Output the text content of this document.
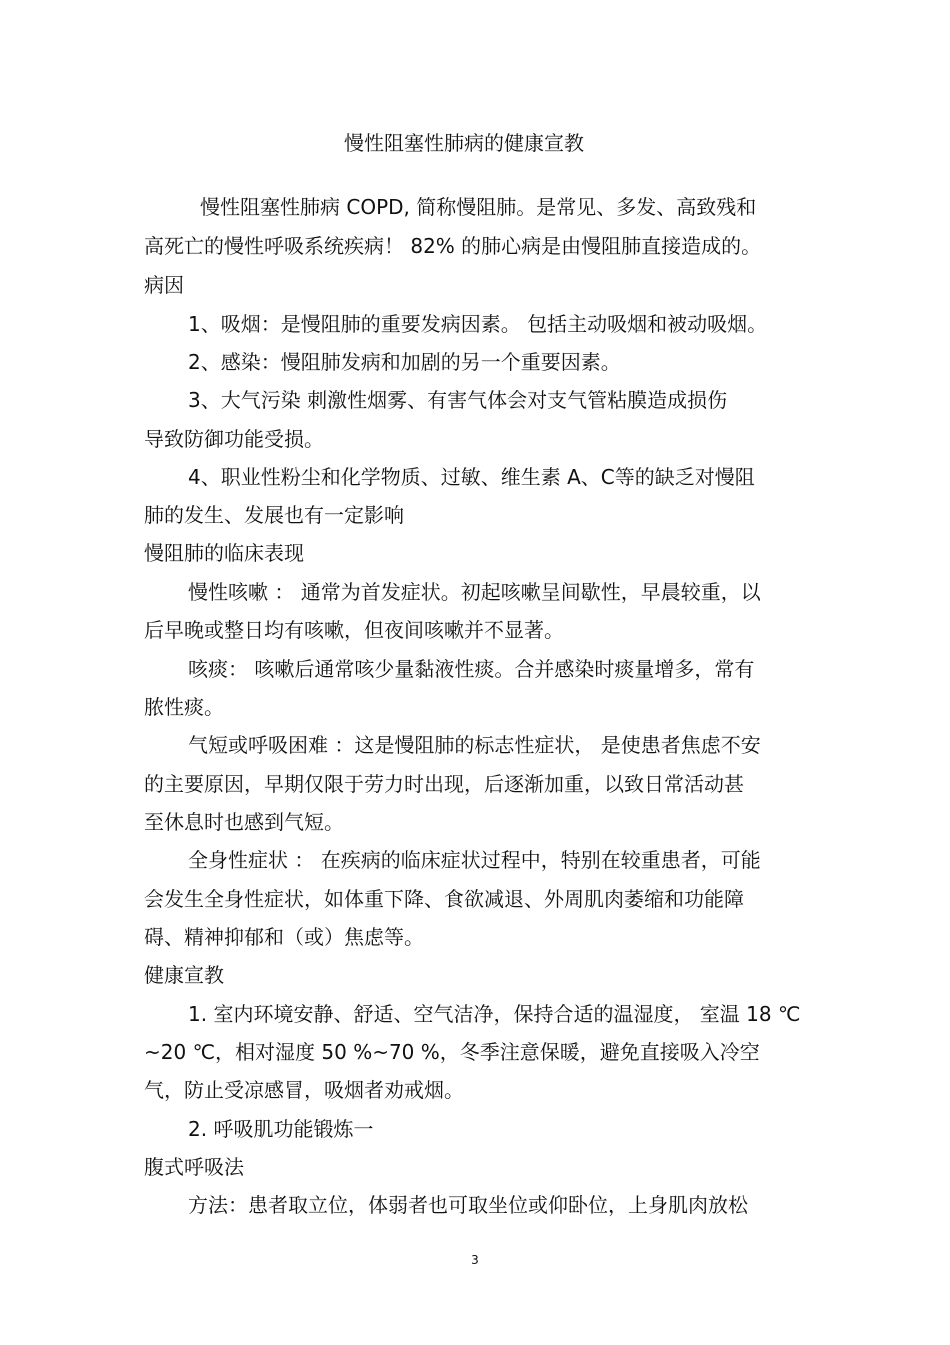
慢性阻塞性肺病的健康宣教
慢性阻塞性肺病 COPD, 简称慢阻肺。是常见、多发、高致残和
高死亡的慢性呼吸系统疾病！ 82% 的肺心病是由慢阻肺直接造成的。
病因
1、吸烟：是慢阻肺的重要发病因素。 包括主动吸烟和被动吸烟。
2、感染：慢阻肺发病和加剧的另一个重要因素。
3、大气污染 刺激性烟雾、有害气体会对支气管粘膜造成损伤
导致防御功能受损。
4、职业性粉尘和化学物质、过敏、维生素 A、C等的缺乏对慢阻
肺的发生、发展也有一定影响
慢阻肺的临床表现
慢性咳嗽 ： 通常为首发症状。初起咳嗽呈间歇性，早晨较重，以
后早晚或整日均有咳嗽，但夜间咳嗽并不显著。
咳痰： 咳嗽后通常咳少量黏液性痰。合并感染时痰量增多，常有
脓性痰。
气短或呼吸困难 ：这是慢阻肺的标志性症状， 是使患者焦虑不安
的主要原因，早期仅限于劳力时出现，后逐渐加重，以致日常活动甚
至休息时也感到气短。
全身性症状 ： 在疾病的临床症状过程中，特别在较重患者，可能
会发生全身性症状，如体重下降、食欲减退、外周肌肉萎缩和功能障
碍、精神抑郁和（或）焦虑等。
健康宣教
1. 室内环境安静、舒适、空气洁净，保持合适的温湿度， 室温 18 ℃
~20 ℃，相对湿度 50 %~70 %，冬季注意保暖，避免直接吸入冷空
气，防止受凉感冒，吸烟者劝戒烟。
2. 呼吸肌功能锻炼一
腹式呼吸法
方法：患者取立位，体弱者也可取坐位或仰卧位，上身肌肉放松
3
